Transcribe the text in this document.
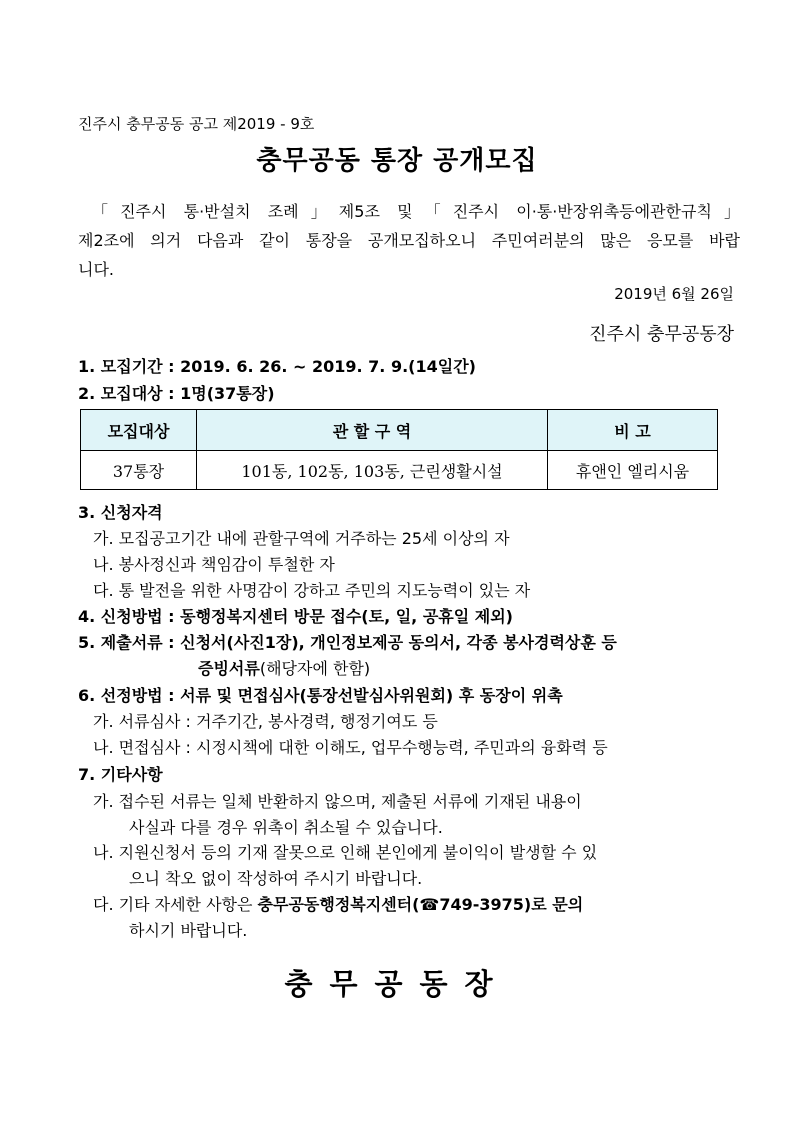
진주시 충무공동 공고 제2019 - 9호
충무공동 통장 공개모집
「진주시 통·반설치 조례」제5조 및「진주시 이·통·반장위촉등에관한규칙」
제2조에 의거 다음과 같이 통장을 공개모집하오니 주민여러분의 많은 응모를 바랍
니다.
2019년 6월 26일
진주시 충무공동장
1. 모집기간 : 2019. 6. 26. ~ 2019. 7. 9.(14일간)
2. 모집대상 : 1명(37통장)
모집대상	관 할 구 역	비 고
37통장	101동, 102동, 103동, 근린생활시설	휴앤인 엘리시움
3. 신청자격
가. 모집공고기간 내에 관할구역에 거주하는 25세 이상의 자
나. 봉사정신과 책임감이 투철한 자
다. 통 발전을 위한 사명감이 강하고 주민의 지도능력이 있는 자
4. 신청방법 : 동행정복지센터 방문 접수(토, 일, 공휴일 제외)
5. 제출서류 : 신청서(사진1장), 개인정보제공 동의서, 각종 봉사경력상훈 등
증빙서류(해당자에 한함)
6. 선정방법 : 서류 및 면접심사(통장선발심사위원회) 후 동장이 위촉
가. 서류심사 : 거주기간, 봉사경력, 행정기여도 등
나. 면접심사 : 시정시책에 대한 이해도, 업무수행능력, 주민과의 융화력 등
7. 기타사항
가. 접수된 서류는 일체 반환하지 않으며, 제출된 서류에 기재된 내용이
사실과 다를 경우 위촉이 취소될 수 있습니다.
나. 지원신청서 등의 기재 잘못으로 인해 본인에게 불이익이 발생할 수 있
으니 착오 없이 작성하여 주시기 바랍니다.
다. 기타 자세한 사항은 충무공동행정복지센터(☎749-3975)로 문의
하시기 바랍니다.
충무공동장
